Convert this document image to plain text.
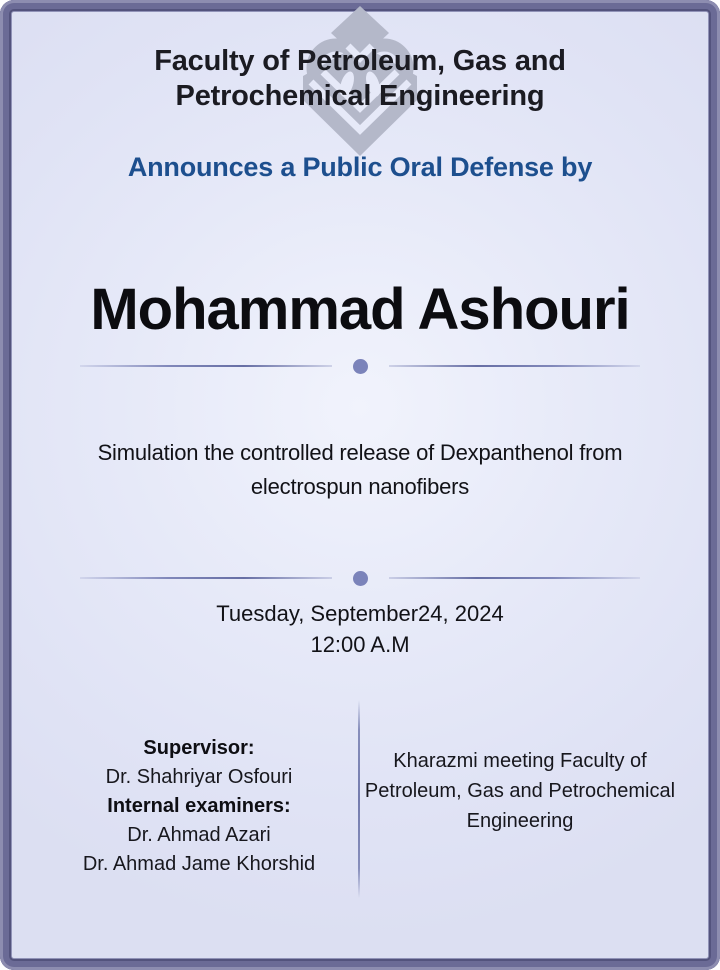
Faculty of Petroleum, Gas and
Petrochemical Engineering
Announces a Public Oral Defense by
Mohammad Ashouri
Simulation the controlled release of Dexpanthenol from
electrospun nanofibers
Tuesday, September24, 2024
12:00 A.M
Supervisor:
Dr. Shahriyar Osfouri
Internal examiners:
Dr. Ahmad Azari
Dr. Ahmad Jame Khorshid
Kharazmi meeting Faculty of
Petroleum, Gas and Petrochemical
Engineering
